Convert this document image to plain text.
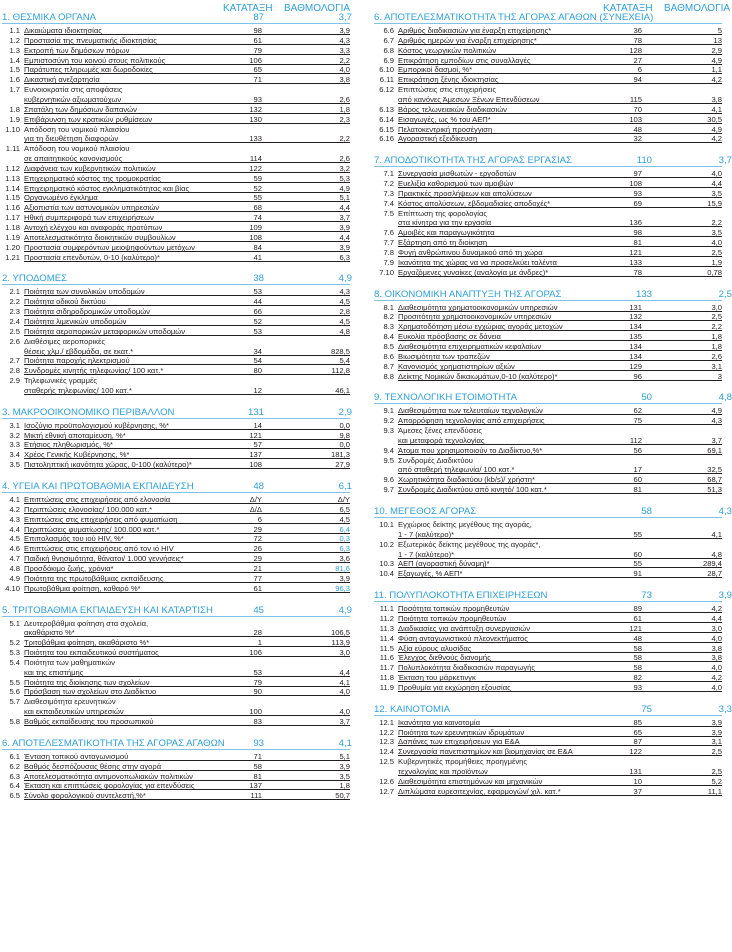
ΚΑΤΑΤΑΞΗ ΒΑΘΜΟΛΟΓΙΑ
1. ΘΕΣΜΙΚΑ ΟΡΓΑΝΑ	87	3,7
1.1 Δικαιώματα ιδιοκτησίας	98	3,9
1.2 Προστασία της πνευματικής ιδιοκτησίας	61	4,3
1.3 Εκτροπή των δημόσιων πόρων	79	3,3
1.4 Εμπιστοσύνη του κοινού στους πολιτικούς	106	2,2
1.5 Παράτυπες πληρωμές και δωροδοκίες	65	4,0
1.6 Δικαστική ανεξαρτησία	71	3,8
1.7 Ευνοιοκρατία στις αποφάσεις
κυβερνητικών αξιωματούχων	93	2,6
1.8 Σπατάλη των δημόσιων δαπανών	132	1,8
1.9 Επιβάρυνση των κρατικών ρυθμίσεων	130	2,3
1.10 Απόδοση του νομικού πλαισίου
για τη διευθέτηση διαφορών	133	2,2
1.11 Απόδοση του νομικού πλαισίου
σε απαιτητικούς κανονισμούς	114	2,6
1.12 Διαφάνεια των κυβερνητικών πολιτικών	122	3,2
1.13 Επιχειρηματικό κόστος της τρομοκρατίας	59	5,3
1.14 Επιχειρηματικό κόστος εγκληματικότητας και βίας	52	4,9
1.15 Οργανωμένο έγκλημα	55	5,1
1.16 Αξιοπιστία των αστυνομικών υπηρεσιών	68	4,4
1.17 Ηθική συμπεριφορά των επιχειρήσεων	74	3,7
1.18 Αντοχή ελέγχου και αναφοράς προτύπων	109	3,9
1.19 Αποτελεσματικότητα διοικητικών συμβουλίων	108	4,4
1.20 Προστασία συμφερόντων μειοψηφούντων μετόχων	84	3,9
1.21 Προστασία επενδυτών, 0-10 (καλύτερο)*	41	6,3
2. ΥΠΟΔΟΜΕΣ	38	4,9
2.1 Ποιότητα των συνολικών υποδομών	53	4,3
2.2 Ποιότητα οδικού δικτύου	44	4,5
2.3 Ποιότητα σιδηροδρομικών υποδομών	66	2,8
2.4 Ποιότητα λιμενικών υποδομών	52	4,5
2.5 Ποιότητα αεροπορικών μεταφορικών υποδομών	53	4,8
2.6 Διαθέσιμες αεροπορικές
θέσεις χλμ./ εβδομάδα, σε εκατ.*	34	828,5
2.7 Ποιότητα παροχής ηλεκτρισμού	54	5,4
2.8 Συνδρομές κινητής τηλεφωνίας/ 100 κατ.*	80	112,8
2.9 Τηλεφωνικές γραμμές
σταθερής τηλεφωνίας/ 100 κατ.*	12	46,1
3. ΜΑΚΡΟΟΙΚΟΝΟΜΙΚΟ ΠΕΡΙΒΑΛΛΟΝ	131	2,9
3.1 Ισοζύγιο προϋπολογισμού κυβέρνησης, %*	14	0,0
3.2 Μικτή εθνική αποταμίευση, %*	121	9,8
3.3 Ετήσιος πληθωρισμός, %*	57	0,0
3.4 Χρέος Γενικής Κυβέρνησης, %*	137	181,3
3.5 Πιστοληπτική ικανότητα χώρας, 0-100 (καλύτερο)*	108	27,9
4. ΥΓΕΙΑ ΚΑΙ ΠΡΩΤΟΒΑΘΜΙΑ ΕΚΠΑΙΔΕΥΣΗ	48	6,1
4.1 Επιπτώσεις στις επιχειρήσεις από ελονοσία	Δ/Υ	Δ/Υ
4.2 Περιπτώσεις ελονοσίας/ 100.000 κατ.*	Δ/Δ	6,5
4.3 Επιπτώσεις στις επιχειρήσεις από φυματίωση	6	4,5
4.4 Περιπτώσεις φυματίωσης/ 100.000 κατ.*	29	6,4
4.5 Επιπολασμός του ιού HIV, %*	72	0,3
4.6 Επιπτώσεις στις επιχειρήσεις από τον ιό HIV	26	6,3
4.7 Παιδική θνησιμότητα, θάνατοι/ 1.000 γεννήσεις*	29	3,6
4.8 Προσδόκιμο ζωής, χρόνια*	21	81,6
4.9 Ποιότητα της πρωτοβάθμιας εκπαίδευσης	77	3,9
4.10 Πρωτοβάθμια φοίτηση, καθαρό %*	61	96,3
5. ΤΡΙΤΟΒΑΘΜΙΑ ΕΚΠΑΙΔΕΥΣΗ ΚΑΙ ΚΑΤΑΡΤΙΣΗ	45	4,9
5.1 Δευτεροβάθμια φοίτηση στα σχολεία,
ακαθάριστο %*	28	106,5
5.2 Τριτοβάθμια φοίτηση, ακαθάριστο %*	1	113,9
5.3 Ποιότητα του εκπαιδευτικού συστήματος	106	3,0
5.4 Ποιότητα των μαθηματικών
και της επιστήμης	53	4,4
5.5 Ποιότητα της διοίκησης των σχολείων	79	4,1
5.6 Πρόσβαση των σχολείων στο Διαδίκτυο	90	4,0
5.7 Διαθεσιμότητα ερευνητικών
και εκπαιδευτικών υπηρεσιών	100	4,0
5.8 Βαθμός εκπαίδευσης του προσωπικού	83	3,7
6. ΑΠΟΤΕΛΕΣΜΑΤΙΚΟΤΗΤΑ ΤΗΣ ΑΓΟΡΑΣ ΑΓΑΘΩΝ	93	4,1
6.1 Ένταση τοπικού ανταγωνισμού	71	5,1
6.2 Βαθμός δεσπόζουσας θέσης στην αγορά	58	3,9
6.3 Αποτελεσματικότητα αντιμονοπωλιακών πολιτικών	81	3,5
6.4 Έκταση και επιπτώσεις φορολογίας για επενδύσεις	137	1,8
6.5 Σύνολο φορολογικού συντελεστή,%*	111	50,7
ΚΑΤΑΤΑΞΗ ΒΑΘΜΟΛΟΓΙΑ
6. ΑΠΟΤΕΛΕΣΜΑΤΙΚΟΤΗΤΑ ΤΗΣ ΑΓΟΡΑΣ ΑΓΑΘΩΝ (ΣΥΝΕΧΕΙΑ)
6.6 Αριθμός διαδικασιών για έναρξη επιχείρησης*	36	5
6.7 Αριθμός ημερών για έναρξη επιχείρησης*	78	13
6.8 Κόστος γεωργικών πολιτικών	128	2,9
6.9 Επικράτηση εμποδίων στις συναλλαγές	27	4,9
6.10 Εμπορικοί δασμοί, %*	6	1,1
6.11 Επικράτηση ξένης ιδιοκτησίας	94	4,2
6.12 Επιπτώσεις στις επιχειρήσεις
από κανόνες Άμεσων Ξένων Επενδύσεων	115	3,8
6.13 Βάρος τελωνειακών διαδικασιών	70	4,1
6.14 Εισαγωγές, ως % του ΑΕΠ*	103	30,5
6.15 Πελατοκεντρική προσέγγιση	48	4,9
6.16 Αγοραστική εξειδίκευση	32	4,2
7. ΑΠΟΔΟΤΙΚΟΤΗΤΑ ΤΗΣ ΑΓΟΡΑΣ ΕΡΓΑΣΙΑΣ	110	3,7
7.1 Συνεργασία μισθωτών - εργοδοτών	97	4,0
7.2 Ευελιξία καθορισμού των αμοιβών	108	4,4
7.3 Πρακτικές προσλήψεων και απολύσεων	93	3,5
7.4 Κόστος απολύσεων, εβδομαδιαίες αποδοχές*	69	15,9
7.5 Επίπτωση της φορολογίας
στα κίνητρα για την εργασία	136	2,2
7.6 Αμοιβές και παραγωγικότητα	98	3,5
7.7 Εξάρτηση από τη διοίκηση	81	4,0
7.8 Φυγή ανθρώπινου δυναμικού από τη χώρα	121	2,5
7.9 Ικανότητα της χώρας να να προσελκύει ταλέντα	133	1,9
7.10 Εργαζόμενες γυναίκες (αναλογία με άνδρες)*	78	0,78
8. ΟΙΚΟΝΟΜΙΚΗ ΑΝΑΠΤΥΞΗ ΤΗΣ ΑΓΟΡΑΣ	133	2,5
8.1 Διαθεσιμότητα χρηματοοικονομικών υπηρεσιών	131	3,0
8.2 Προσιτότητα χρηματοοικονομικών υπηρεσιών	132	2,5
8.3 Χρηματοδότηση μέσω εγχώριας αγοράς μετοχών	134	2,2
8.4 Ευκολία πρόσβασης σε δάνεια	135	1,8
8.5 Διαθεσιμότητα επιχειρηματικών κεφαλαίων	134	1,8
8.6 Βιωσιμότητα των τραπεζών	134	2,6
8.7 Κανονισμός χρηματιστηρίων αξιών	129	3,1
8.8 Δείκτης Νομικών δικαιωμάτων,0-10 (καλύτερο)*	96	3
9. ΤΕΧΝΟΛΟΓΙΚΗ ΕΤΟΙΜΟΤΗΤΑ	50	4,8
9.1 Διαθεσιμότητα των τελευταίων τεχνολογιών	62	4,9
9.2 Απορρόφηση τεχνολογίας από επιχειρήσεις	75	4,3
9.3 Άμεσες ξένες επενδύσεις
και μεταφορά τεχνολογίας	112	3,7
9.4 Άτομα που χρησιμοποιούν το Διαδίκτυο,%*	56	69,1
9.5 Συνδρομές Διαδικτύου
από σταθερή τηλεφωνία/ 100 κατ.*	17	32,5
9.6 Χωρητικότητα διαδικτύου (kb/s)/ χρήστη*	60	68,7
9.7 Συνδρομές Διαδικτύου από κινητό/ 100 κατ.*	81	51,3
10. ΜΕΓΕΘΟΣ ΑΓΟΡΑΣ	58	4,3
10.1 Εγχώριος δείκτης μεγέθους της αγοράς,
1 - 7 (καλύτερο)*	55	4,1
10.2 Εξωτερικός δείκτης μεγέθους της αγοράς*,
1 - 7 (καλύτερο)*	60	4,8
10.3 ΑΕΠ (αγοραστική δύναμη)*	55	289,4
10.4 Εξαγωγές, % ΑΕΠ*	91	28,7
11. ΠΟΛΥΠΛΟΚΟΤΗΤΑ ΕΠΙΧΕΙΡΗΣΕΩΝ	73	3,9
11.1 Ποσότητα τοπικών προμηθευτών	89	4,2
11.2 Ποιότητα τοπικών προμηθευτών	61	4,4
11.3 Διαδικασίες για ανάπτυξη συνεργασιών	121	3,0
11.4 Φύση ανταγωνιστικού πλεονεκτήματος	48	4,0
11.5 Αξία εύρους αλυσίδας	58	3,8
11.6 Έλεγχος διεθνούς διανομής	58	3,8
11.7 Πολυπλοκότητα διαδικασιών παραγωγής	58	4,0
11.8 Έκταση του μάρκετινγκ	82	4,2
11.9 Προθυμία για εκχώρηση εξουσίας	93	4,0
12. ΚΑΙΝΟΤΟΜΙΑ	75	3,3
12.1 Ικανότητα για καινοτομία	85	3,9
12.2 Ποιότητα των ερευνητικών ιδρυμάτων	65	3,9
12.3 Δαπάνες των επιχειρήσεων για Ε&Α	87	3,1
12.4 Συνεργασία πανεπιστημίων και βιομηχανίας σε Ε&Α	122	2,5
12.5 Κυβερνητικές προμήθειες προηγμένης
τεχνολογίας και προϊόντων	131	2,5
12.6 Διαθεσιμότητα επιστημόνων και μηχανικών	10	5,2
12.7 Διπλώματα ευρεσιτεχνίας, εφαρμογών/ χιλ. κατ.*	37	11,1
